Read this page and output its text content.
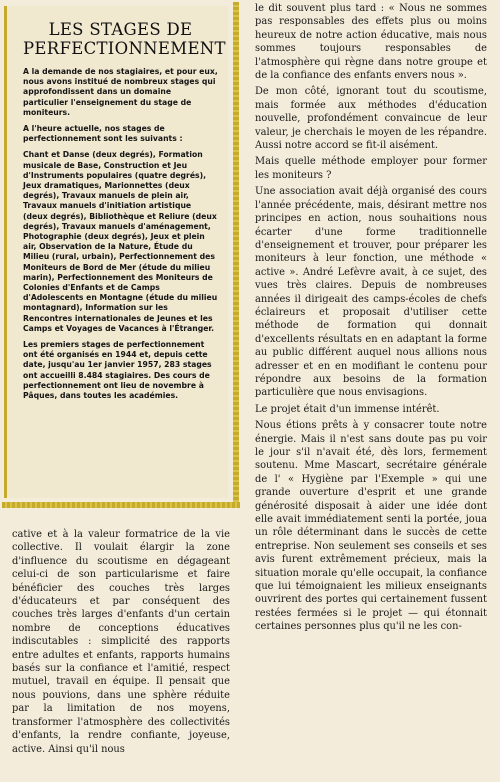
LES STAGES DE
PERFECTIONNEMENT

A la demande de nos stagiaires, et pour eux, nous avons institué de nombreux stages qui approfondissent dans un domaine particulier l'enseignement du stage de moniteurs.

A l'heure actuelle, nos stages de perfectionnement sont les suivants :

Chant et Danse (deux degrés), Formation musicale de Base, Construction et Jeu d'Instruments populaires (quatre degrés), Jeux dramatiques, Marionnettes (deux degrés), Travaux manuels de plein air, Travaux manuels d'initiation artistique (deux degrés), Bibliothèque et Reliure (deux degrés), Travaux manuels d'aménagement, Photographie (deux degrés), Jeux et plein air, Observation de la Nature, Étude du Milieu (rural, urbain), Perfectionnement des Moniteurs de Bord de Mer (étude du milieu marin), Perfectionnement des Moniteurs de Colonies d'Enfants et de Camps d'Adolescents en Montagne (étude du milieu montagnard), Information sur les Rencontres internationales de Jeunes et les Camps et Voyages de Vacances à l'Étranger.

Les premiers stages de perfectionnement ont été organisés en 1944 et, depuis cette date, jusqu'au 1er janvier 1957, 283 stages ont accueilli 8.484 stagiaires. Des cours de perfectionnement ont lieu de novembre à Pâques, dans toutes les académies.

le dit souvent plus tard : « Nous ne sommes pas responsables des effets plus ou moins heureux de notre action éducative, mais nous sommes toujours responsables de l'atmosphère qui règne dans notre groupe et de la confiance des enfants envers nous ».

De mon côté, ignorant tout du scoutisme, mais formée aux méthodes d'éducation nouvelle, profondément convaincue de leur valeur, je cherchais le moyen de les répandre. Aussi notre accord se fit-il aisément.

Mais quelle méthode employer pour former les moniteurs ?

Une association avait déjà organisé des cours l'année précédente, mais, désirant mettre nos principes en action, nous souhaitions nous écarter d'une forme traditionnelle d'enseignement et trouver, pour préparer les moniteurs à leur fonction, une méthode « active ». André Lefèvre avait, à ce sujet, des vues très claires. Depuis de nombreuses années il dirigeait des camps-écoles de chefs éclaireurs et proposait d'utiliser cette méthode de formation qui donnait d'excellents résultats en en adaptant la forme au public différent auquel nous allions nous adresser et en en modifiant le contenu pour répondre aux besoins de la formation particulière que nous envisagions.

Le projet était d'un immense intérêt.

Nous étions prêts à y consacrer toute notre énergie. Mais il n'est sans doute pas pu voir le jour s'il n'avait été, dès lors, fermement soutenu. Mme Mascart, secrétaire générale de l' « Hygiène par l'Exemple » qui une grande ouverture d'esprit et une grande générosité disposait à aider une idée dont elle avait immédiatement senti la portée, joua un rôle déterminant dans le succès de cette entreprise. Non seulement ses conseils et ses avis furent extrêmement précieux, mais la situation morale qu'elle occupait, la confiance que lui témoignaient les milieux enseignants ouvrirent des portes qui certainement fussent restées fermées si le projet — qui étonnait certaines personnes plus qu'il ne les con-

cative et à la valeur formatrice de la vie collective. Il voulait élargir la zone d'influence du scoutisme en dégageant celui-ci de son particularisme et faire bénéficier des couches très larges d'éducateurs et par conséquent des couches très larges d'enfants d'un certain nombre de conceptions éducatives indiscutables : simplicité des rapports entre adultes et enfants, rapports humains basés sur la confiance et l'amitié, respect mutuel, travail en équipe. Il pensait que nous pouvions, dans une sphère réduite par la limitation de nos moyens, transformer l'atmosphère des collectivités d'enfants, la rendre confiante, joyeuse, active. Ainsi qu'il nous
